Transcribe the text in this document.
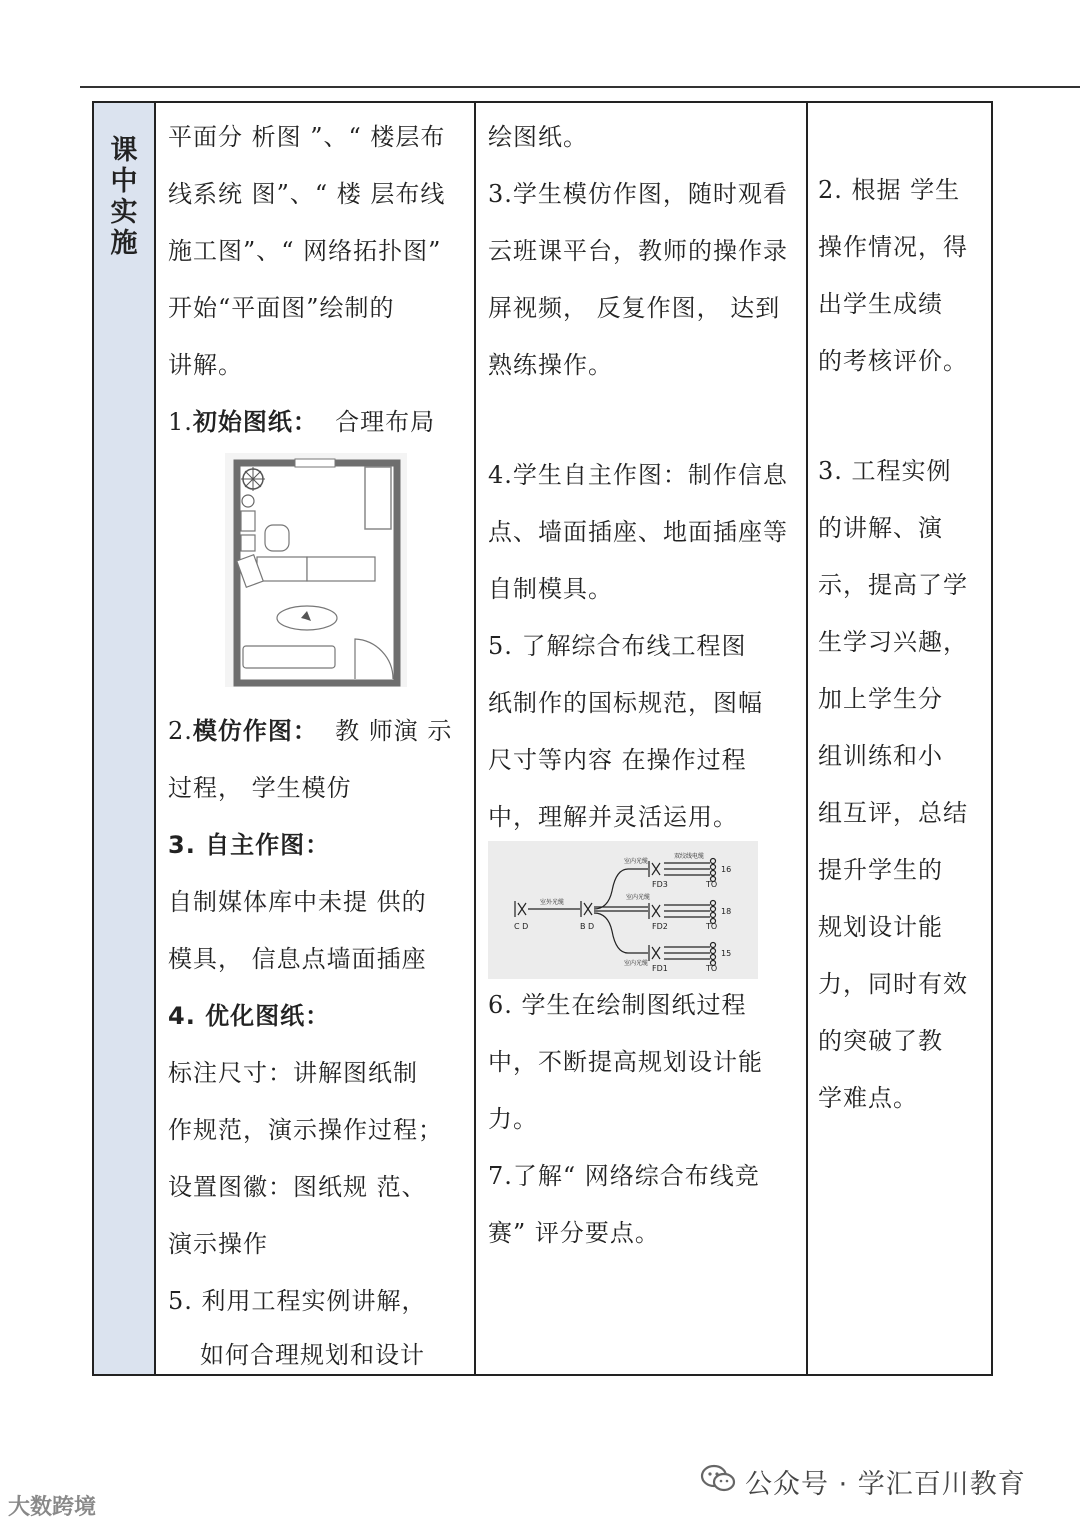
课中实施

平面分 析图 ”、“ 楼层布
线系统 图”、“ 楼 层布线
施工图”、“ 网络拓扑图”
开始“平面图”绘制的
讲解。
1.初始图纸： 合理布局
2.模仿作图： 教 师演 示
过程， 学生模仿
3. 自主作图：
自制媒体库中未提 供的
模具， 信息点墙面插座
4. 优化图纸：
标注尺寸：讲解图纸制
作规范，演示操作过程；
设置图徽：图纸规 范、
演示操作
5. 利用工程实例讲解，
如何合理规划和设计

绘图纸。
3.学生模仿作图，随时观看
云班课平台，教师的操作录
屏视频， 反复作图， 达到
熟练操作。
4.学生自主作图：制作信息
点、墙面插座、地面插座等
自制模具。
5. 了解综合布线工程图
纸制作的国标规范，图幅
尺寸等内容 在操作过程
中，理解并灵活运用。
C D	B D
室外光缆
室内光缆
室内光缆
室内光缆
双绞线电缆
FD3
FD2
FD1
TO
TO
TO
16
18
15
6. 学生在绘制图纸过程
中，不断提高规划设计能
力。
7.了解“ 网络综合布线竞
赛” 评分要点。

2. 根据 学生
操作情况，得
出学生成绩
的考核评价。
3. 工程实例
的讲解、演
示，提高了学
生学习兴趣，
加上学生分
组训练和小
组互评，总结
提升学生的
规划设计能
力，同时有效
的突破了教
学难点。
公众号 · 学汇百川教育
大数跨境
